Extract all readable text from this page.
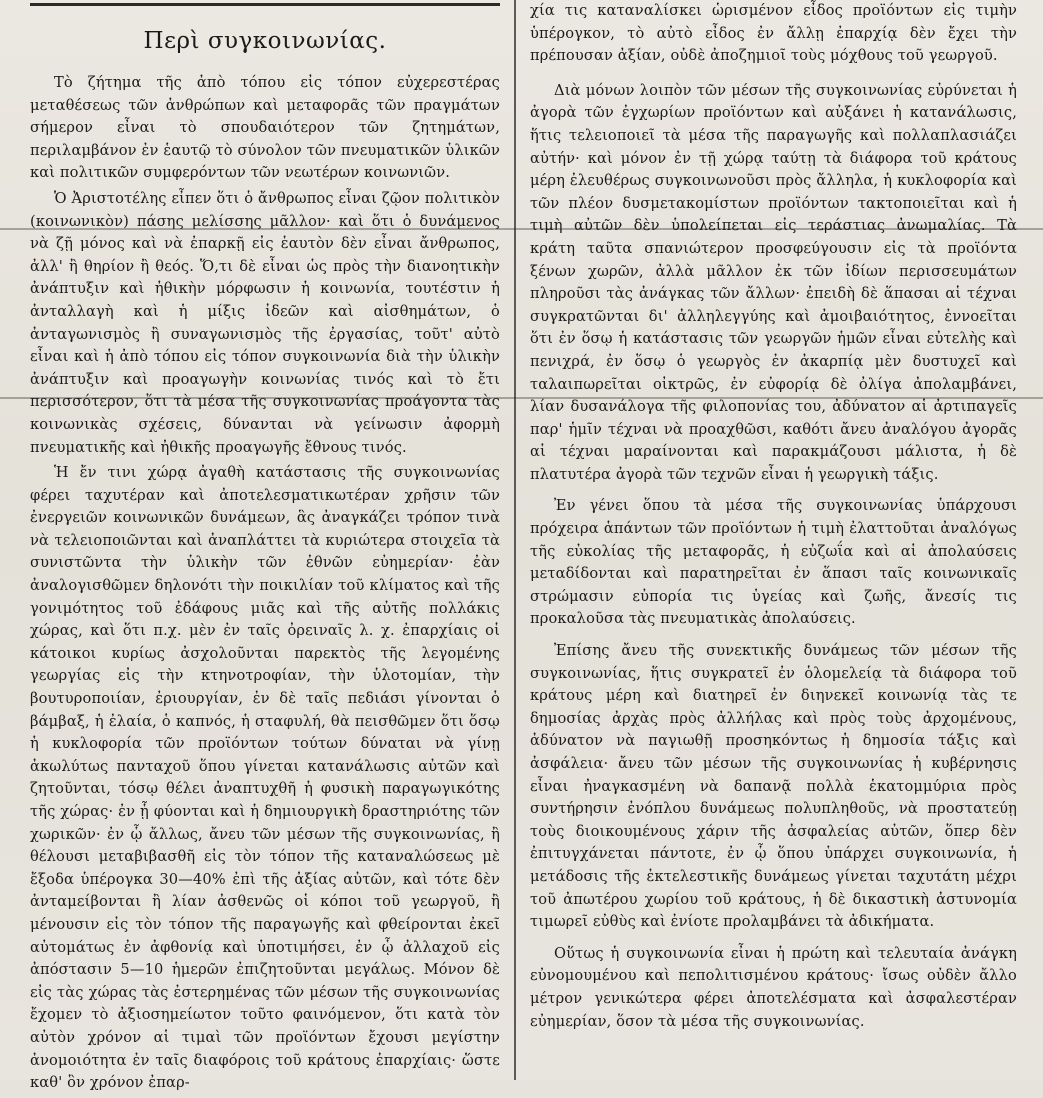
Περὶ συγκοινωνίας.

Τὸ ζήτημα τῆς ἀπὸ τόπου εἰς τόπον εὐχερεστέρας μεταθέσεως τῶν ἀνθρώπων καὶ μεταφορᾶς τῶν πραγμάτων σήμερον εἶναι τὸ σπουδαιότερον τῶν ζητημάτων, περιλαμβάνον ἐν ἑαυτῷ τὸ σύνολον τῶν πνευματικῶν ὑλικῶν καὶ πολιτικῶν συμφερόντων τῶν νεωτέρων κοινωνιῶν.

Ὁ Ἀριστοτέλης εἶπεν ὅτι ὁ ἄνθρωπος εἶναι ζῷον πολιτικὸν (κοινωνικὸν) πάσης μελίσσης μᾶλλον· καὶ ὅτι ὁ δυνάμενος νὰ ζῇ μόνος καὶ νὰ ἐπαρκῇ εἰς ἑαυτὸν δὲν εἶναι ἄνθρωπος, ἀλλ' ἢ θηρίον ἢ θεός. Ὅ,τι δὲ εἶναι ὡς πρὸς τὴν διανοητικὴν ἀνάπτυξιν καὶ ἠθικὴν μόρφωσιν ἡ κοινωνία, τουτέστιν ἡ ἀνταλλαγὴ καὶ ἡ μίξις ἰδεῶν καὶ αἰσθημάτων, ὁ ἀνταγωνισμὸς ἢ συναγωνισμὸς τῆς ἐργασίας, τοῦτ' αὐτὸ εἶναι καὶ ἡ ἀπὸ τόπου εἰς τόπον συγκοινωνία διὰ τὴν ὑλικὴν ἀνάπτυξιν καὶ προαγωγὴν κοινωνίας τινός καὶ τὸ ἔτι περισσότερον, ὅτι τὰ μέσα τῆς συγκοινωνίας προάγοντα τὰς κοινωνικὰς σχέσεις, δύνανται νὰ γείνωσιν ἀφορμὴ πνευματικῆς καὶ ἠθικῆς προαγωγῆς ἔθνους τινός.

Ἡ ἔν τινι χώρᾳ ἀγαθὴ κατάστασις τῆς συγκοινωνίας φέρει ταχυτέραν καὶ ἀποτελεσματικωτέραν χρῆσιν τῶν ἐνεργειῶν κοινωνικῶν δυνάμεων, ἃς ἀναγκάζει τρόπον τινὰ νὰ τελειοποιῶνται καὶ ἀναπλάττει τὰ κυριώτερα στοιχεῖα τὰ συνιστῶντα τὴν ὑλικὴν τῶν ἐθνῶν εὐημερίαν· ἐὰν ἀναλογισθῶμεν δηλονότι τὴν ποικιλίαν τοῦ κλίματος καὶ τῆς γονιμότητος τοῦ ἐδάφους μιᾶς καὶ τῆς αὐτῆς πολλάκις χώρας, καὶ ὅτι π.χ. μὲν ἐν ταῖς ὀρειναῖς λ. χ. ἐπαρχίαις οἱ κάτοικοι κυρίως ἀσχολοῦνται παρεκτὸς τῆς λεγομένης γεωργίας εἰς τὴν κτηνοτροφίαν, τὴν ὑλοτομίαν, τὴν βουτυροποιίαν, ἐριουργίαν, ἐν δὲ ταῖς πεδιάσι γίνονται ὁ βάμβαξ, ἡ ἐλαία, ὁ καπνός, ἡ σταφυλή, θὰ πεισθῶμεν ὅτι ὅσῳ ἡ κυκλοφορία τῶν προϊόντων τούτων δύναται νὰ γίνῃ ἀκωλύτως πανταχοῦ ὅπου γίνεται κατανάλωσις αὐτῶν καὶ ζητοῦνται, τόσῳ θέλει ἀναπτυχθῆ ἡ φυσικὴ παραγωγικότης τῆς χώρας· ἐν ᾗ φύονται καὶ ἡ δημιουργικὴ δραστηριότης τῶν χωρικῶν· ἐν ᾧ ἄλλως, ἄνευ τῶν μέσων τῆς συγκοινωνίας, ἢ θέλουσι μεταβιβασθῆ εἰς τὸν τόπον τῆς καταναλώσεως μὲ ἔξοδα ὑπέρογκα 30—40% ἐπὶ τῆς ἀξίας αὐτῶν, καὶ τότε δὲν ἀνταμείβονται ἢ λίαν ἀσθενῶς οἱ κόποι τοῦ γεωργοῦ, ἢ μένουσιν εἰς τὸν τόπον τῆς παραγωγῆς καὶ φθείρονται ἐκεῖ αὐτομάτως ἐν ἀφθονίᾳ καὶ ὑποτιμήσει, ἐν ᾧ ἀλλαχοῦ εἰς ἀπόστασιν 5—10 ἡμερῶν ἐπιζητοῦνται μεγάλως. Μόνον δὲ εἰς τὰς χώρας τὰς ἐστερημένας τῶν μέσων τῆς συγκοινωνίας ἔχομεν τὸ ἀξιοσημείωτον τοῦτο φαινόμενον, ὅτι κατὰ τὸν αὐτὸν χρόνον αἱ τιμαὶ τῶν προϊόντων ἔχουσι μεγίστην ἀνομοιότητα ἐν ταῖς διαφόροις τοῦ κράτους ἐπαρχίαις· ὥστε καθ' ὃν χρόνον ἐπαρ-

χία τις καταναλίσκει ὡρισμένον εἶδος προϊόντων εἰς τιμὴν ὑπέρογκον, τὸ αὐτὸ εἶδος ἐν ἄλλῃ ἐπαρχίᾳ δὲν ἔχει τὴν πρέπουσαν ἀξίαν, οὐδὲ ἀποζημιοῖ τοὺς μόχθους τοῦ γεωργοῦ.

Διὰ μόνων λοιπὸν τῶν μέσων τῆς συγκοινωνίας εὐρύνεται ἡ ἀγορὰ τῶν ἐγχωρίων προϊόντων καὶ αὐξάνει ἡ κατανάλωσις, ἥτις τελειοποιεῖ τὰ μέσα τῆς παραγωγῆς καὶ πολλαπλασιάζει αὐτήν· καὶ μόνον ἐν τῇ χώρᾳ ταύτῃ τὰ διάφορα τοῦ κράτους μέρη ἐλευθέρως συγκοινωνοῦσι πρὸς ἄλληλα, ἡ κυκλοφορία καὶ τῶν πλέον δυσμετακομίστων προϊόντων τακτοποιεῖται καὶ ἡ τιμὴ αὐτῶν δὲν ὑπολείπεται εἰς τεράστιας ἀνωμαλίας. Τὰ κράτη ταῦτα σπανιώτερον προσφεύγουσιν εἰς τὰ προϊόντα ξένων χωρῶν, ἀλλὰ μᾶλλον ἐκ τῶν ἰδίων περισσευμάτων πληροῦσι τὰς ἀνάγκας τῶν ἄλλων· ἐπειδὴ δὲ ἅπασαι αἱ τέχναι συγκρατῶνται δι' ἀλληλεγγύης καὶ ἀμοιβαιότητος, ἐννοεῖται ὅτι ἐν ὅσῳ ἡ κατάστασις τῶν γεωργῶν ἡμῶν εἶναι εὐτελὴς καὶ πενιχρά, ἐν ὅσῳ ὁ γεωργὸς ἐν ἀκαρπίᾳ μὲν δυστυχεῖ καὶ ταλαιπωρεῖται οἰκτρῶς, ἐν εὐφορίᾳ δὲ ὀλίγα ἀπολαμβάνει, λίαν δυσανάλογα τῆς φιλοπονίας του, ἀδύνατον αἱ ἀρτιπαγεῖς παρ' ἡμῖν τέχναι νὰ προαχθῶσι, καθότι ἄνευ ἀναλόγου ἀγορᾶς αἱ τέχναι μαραίνονται καὶ παρακμάζουσι μάλιστα, ἡ δὲ πλατυτέρα ἀγορὰ τῶν τεχνῶν εἶναι ἡ γεωργικὴ τάξις.

Ἐν γένει ὅπου τὰ μέσα τῆς συγκοινωνίας ὑπάρχουσι πρόχειρα ἁπάντων τῶν προϊόντων ἡ τιμὴ ἐλαττοῦται ἀναλόγως τῆς εὐκολίας τῆς μεταφορᾶς, ἡ εὐζωΐα καὶ αἱ ἀπολαύσεις μεταδίδονται καὶ παρατηρεῖται ἐν ἅπασι ταῖς κοινωνικαῖς στρώμασιν εὐπορία τις ὑγείας καὶ ζωῆς, ἄνεσίς τις προκαλοῦσα τὰς πνευματικὰς ἀπολαύσεις.

Ἐπίσης ἄνευ τῆς συνεκτικῆς δυνάμεως τῶν μέσων τῆς συγκοινωνίας, ἥτις συγκρατεῖ ἐν ὁλομελείᾳ τὰ διάφορα τοῦ κράτους μέρη καὶ διατηρεῖ ἐν διηνεκεῖ κοινωνίᾳ τὰς τε δημοσίας ἀρχὰς πρὸς ἀλλήλας καὶ πρὸς τοὺς ἀρχομένους, ἀδύνατον νὰ παγιωθῇ προσηκόντως ἡ δημοσία τάξις καὶ ἀσφάλεια· ἄνευ τῶν μέσων τῆς συγκοινωνίας ἡ κυβέρνησις εἶναι ἠναγκασμένη νὰ δαπανᾷ πολλὰ ἑκατομμύρια πρὸς συντήρησιν ἐνόπλου δυνάμεως πολυπληθοῦς, νὰ προστατεύῃ τοὺς διοικουμένους χάριν τῆς ἀσφαλείας αὐτῶν, ὅπερ δὲν ἐπιτυγχάνεται πάντοτε, ἐν ᾧ ὅπου ὑπάρχει συγκοινωνία, ἡ μετάδοσις τῆς ἐκτελεστικῆς δυνάμεως γίνεται ταχυτάτη μέχρι τοῦ ἀπωτέρου χωρίου τοῦ κράτους, ἡ δὲ δικαστικὴ ἀστυνομία τιμωρεῖ εὐθὺς καὶ ἐνίοτε προλαμβάνει τὰ ἀδικήματα.

Οὕτως ἡ συγκοινωνία εἶναι ἡ πρώτη καὶ τελευταία ἀνάγκη εὐνομουμένου καὶ πεπολιτισμένου κράτους· ἴσως οὐδὲν ἄλλο μέτρον γενικώτερα φέρει ἀποτελέσματα καὶ ἀσφαλεστέραν εὐημερίαν, ὅσον τὰ μέσα τῆς συγκοινωνίας.
